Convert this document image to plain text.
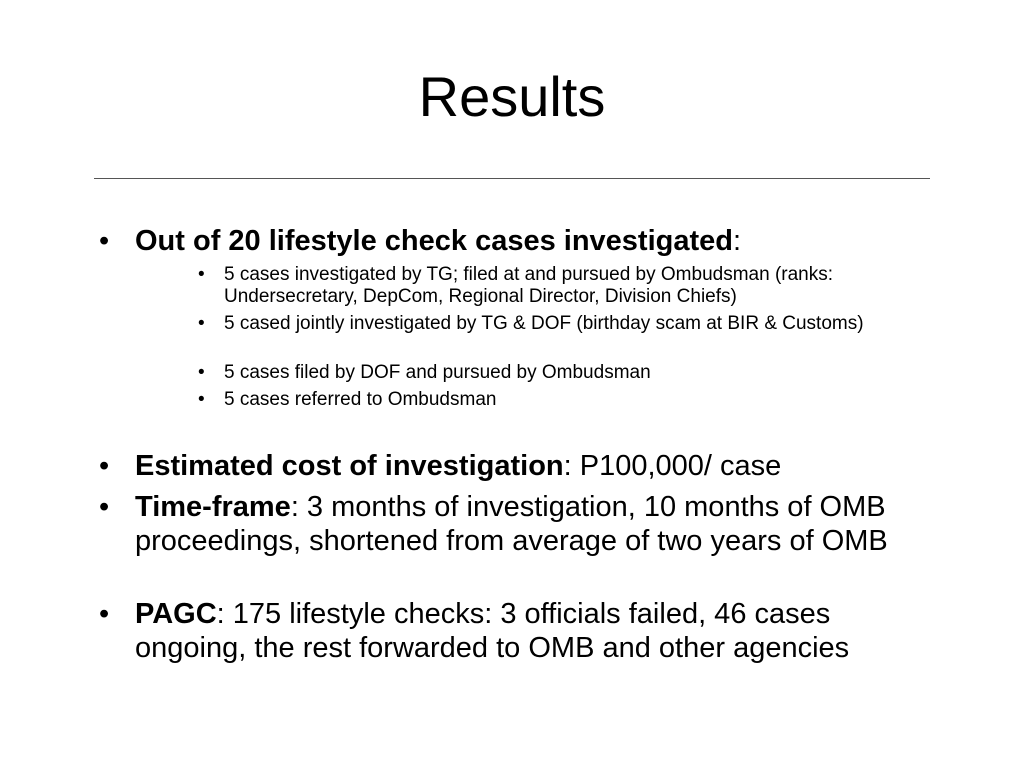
Results
• Out of 20 lifestyle check cases investigated:
• 5 cases investigated by TG; filed at and pursued by Ombudsman (ranks: Undersecretary, DepCom, Regional Director, Division Chiefs)
• 5 cased jointly investigated by TG & DOF (birthday scam at BIR & Customs)
• 5 cases filed by DOF and pursued by Ombudsman
• 5 cases referred to Ombudsman
• Estimated cost of investigation: P100,000/ case
• Time-frame: 3 months of investigation, 10 months of OMB proceedings, shortened from average of two years of OMB
• PAGC: 175 lifestyle checks: 3 officials failed, 46 cases ongoing, the rest forwarded to OMB and other agencies
